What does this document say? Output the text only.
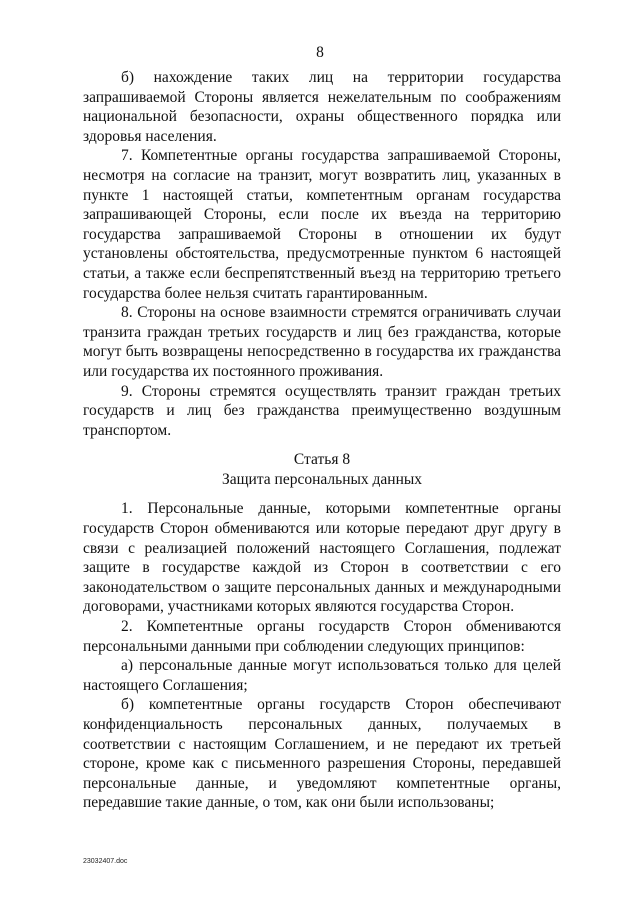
8

б) нахождение таких лиц на территории государства запрашиваемой Стороны является нежелательным по соображениям национальной безопасности, охраны общественного порядка или здоровья населения.

7. Компетентные органы государства запрашиваемой Стороны, несмотря на согласие на транзит, могут возвратить лиц, указанных в пункте 1 настоящей статьи, компетентным органам государства запрашивающей Стороны, если после их въезда на территорию государства запрашиваемой Стороны в отношении их будут установлены обстоятельства, предусмотренные пунктом 6 настоящей статьи, а также если беспрепятственный въезд на территорию третьего государства более нельзя считать гарантированным.

8. Стороны на основе взаимности стремятся ограничивать случаи транзита граждан третьих государств и лиц без гражданства, которые могут быть возвращены непосредственно в государства их гражданства или государства их постоянного проживания.

9. Стороны стремятся осуществлять транзит граждан третьих государств и лиц без гражданства преимущественно воздушным транспортом.

Статья 8

Защита персональных данных

1. Персональные данные, которыми компетентные органы государств Сторон обмениваются или которые передают друг другу в связи с реализацией положений настоящего Соглашения, подлежат защите в государстве каждой из Сторон в соответствии с его законодательством о защите персональных данных и международными договорами, участниками которых являются государства Сторон.

2. Компетентные органы государств Сторон обмениваются персональными данными при соблюдении следующих принципов:

а) персональные данные могут использоваться только для целей настоящего Соглашения;

б) компетентные органы государств Сторон обеспечивают конфиденциальность персональных данных, получаемых в соответствии с настоящим Соглашением, и не передают их третьей стороне, кроме как с письменного разрешения Стороны, передавшей персональные данные, и уведомляют компетентные органы, передавшие такие данные, о том, как они были использованы;

23032407.doc
